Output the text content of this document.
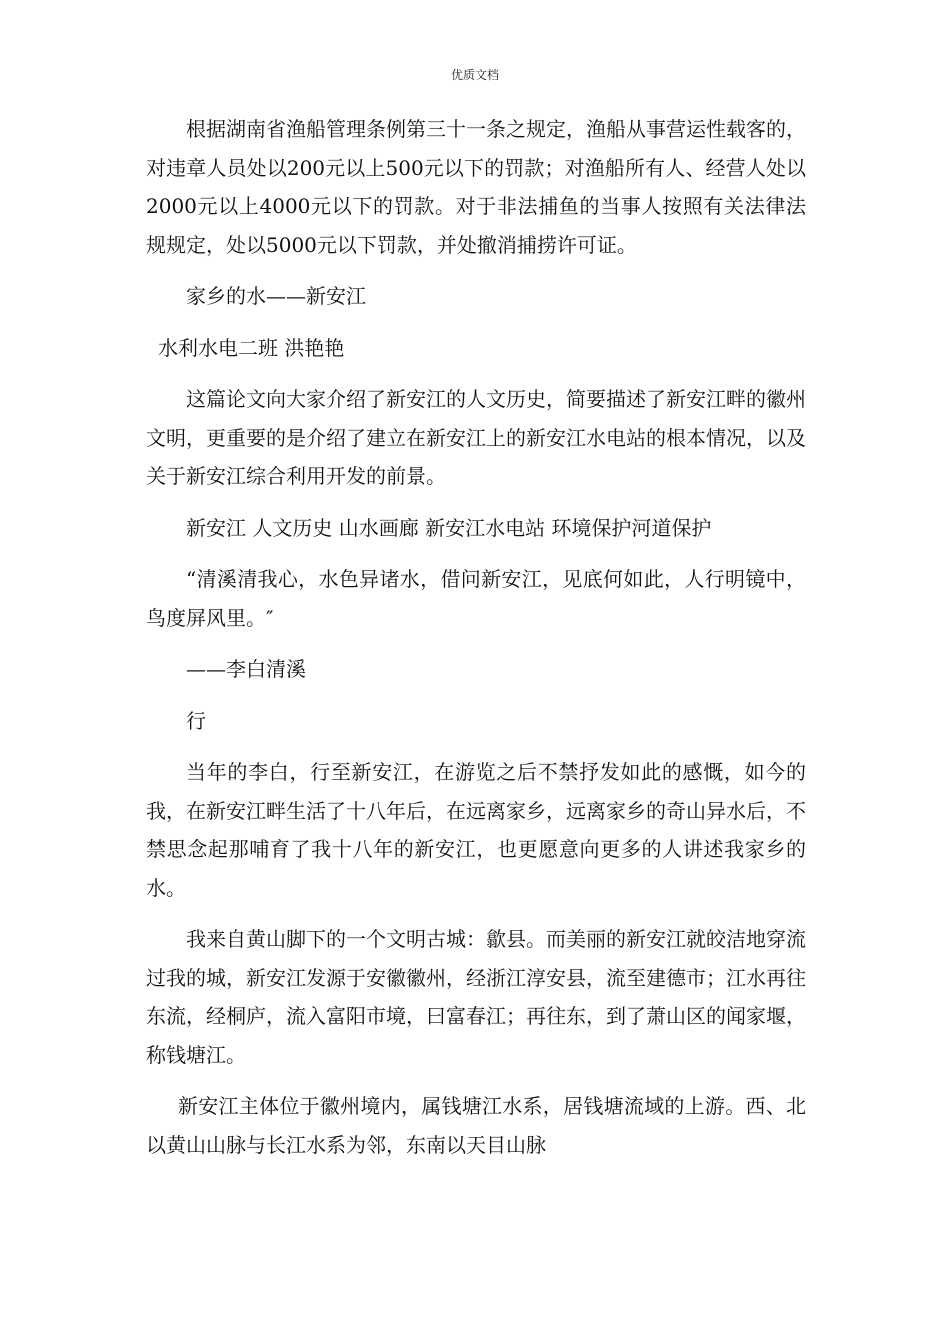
优质文档

根据湖南省渔船管理条例第三十一条之规定，渔船从事营运性载客的，对违章人员处以200元以上500元以下的罚款；对渔船所有人、经营人处以2000元以上4000元以下的罚款。对于非法捕鱼的当事人按照有关法律法规规定，处以5000元以下罚款，并处撤消捕捞许可证。

家乡的水——新安江

水利水电二班 洪艳艳

这篇论文向大家介绍了新安江的人文历史，简要描述了新安江畔的徽州文明，更重要的是介绍了建立在新安江上的新安江水电站的根本情况，以及关于新安江综合利用开发的前景。

新安江 人文历史 山水画廊 新安江水电站 环境保护河道保护

“清溪清我心，水色异诸水，借问新安江，见底何如此，人行明镜中，鸟度屏风里。″

——李白清溪

行

当年的李白，行至新安江，在游览之后不禁抒发如此的感慨，如今的我，在新安江畔生活了十八年后，在远离家乡，远离家乡的奇山异水后，不禁思念起那哺育了我十八年的新安江，也更愿意向更多的人讲述我家乡的水。

我来自黄山脚下的一个文明古城：歙县。而美丽的新安江就皎洁地穿流过我的城，新安江发源于安徽徽州，经浙江淳安县，流至建德市；江水再往东流，经桐庐，流入富阳市境，曰富春江；再往东，到了萧山区的闻家堰，称钱塘江。

新安江主体位于徽州境内，属钱塘江水系，居钱塘流域的上游。西、北以黄山山脉与长江水系为邻，东南以天目山脉
